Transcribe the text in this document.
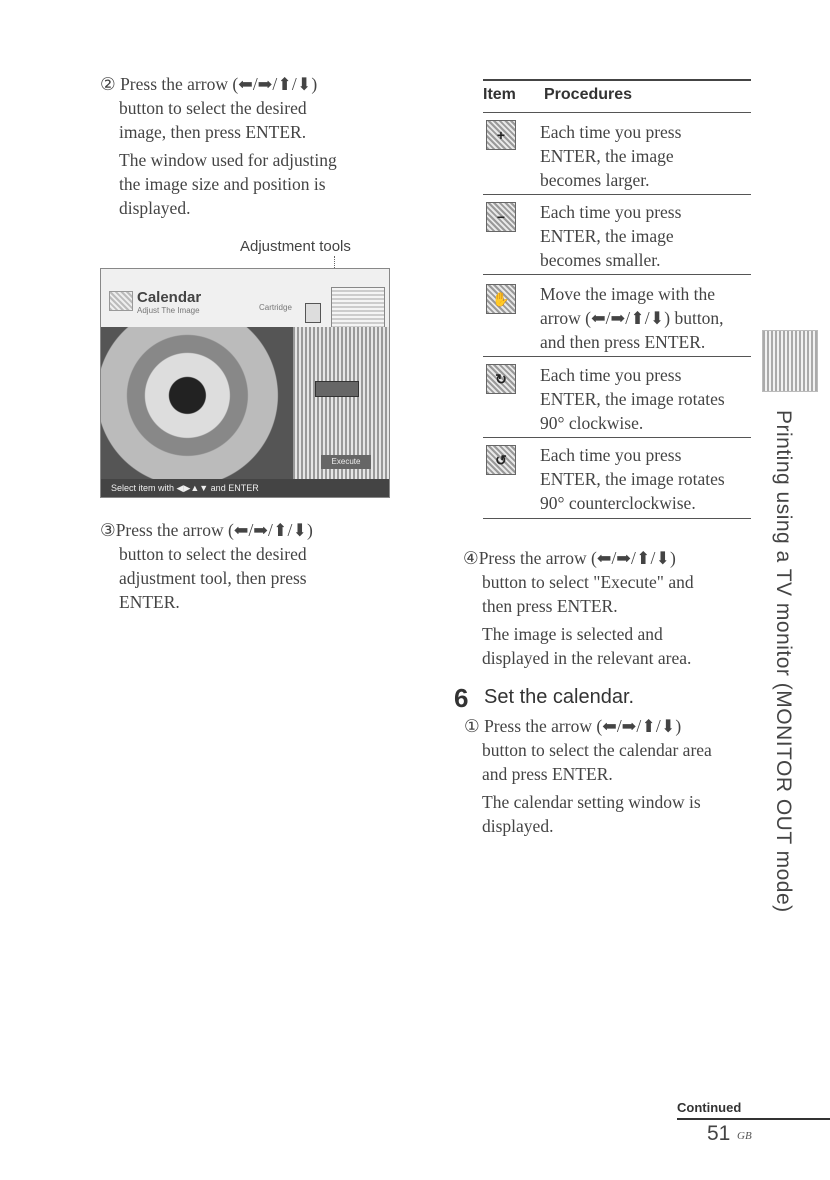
② Press the arrow (⬅/➡/⬆/⬇)
button to select the desired
image, then press ENTER.
The window used for adjusting
the image size and position is
displayed.
Adjustment tools
Calendar
Adjust The Image	Cartridge
Execute
Select item with ◀▶▲▼ and ENTER
③Press the arrow (⬅/➡/⬆/⬇)
button to select the desired
adjustment tool, then press
ENTER.
Item Procedures
+	Each time you press
ENTER, the image
becomes larger.
−	Each time you press
ENTER, the image
becomes smaller.
✋	Move the image with the
arrow (⬅/➡/⬆/⬇) button,
and then press ENTER.
↻	Each time you press
ENTER, the image rotates
90° clockwise.
↺	Each time you press
ENTER, the image rotates
90° counterclockwise.
④Press the arrow (⬅/➡/⬆/⬇)
button to select "Execute" and
then press ENTER.
The image is selected and
displayed in the relevant area.
6 Set the calendar.
① Press the arrow (⬅/➡/⬆/⬇)
button to select the calendar area
and press ENTER.
The calendar setting window is
displayed.	Printing using a TV monitor (MONITOR OUT mode)
Continued
51 GB
